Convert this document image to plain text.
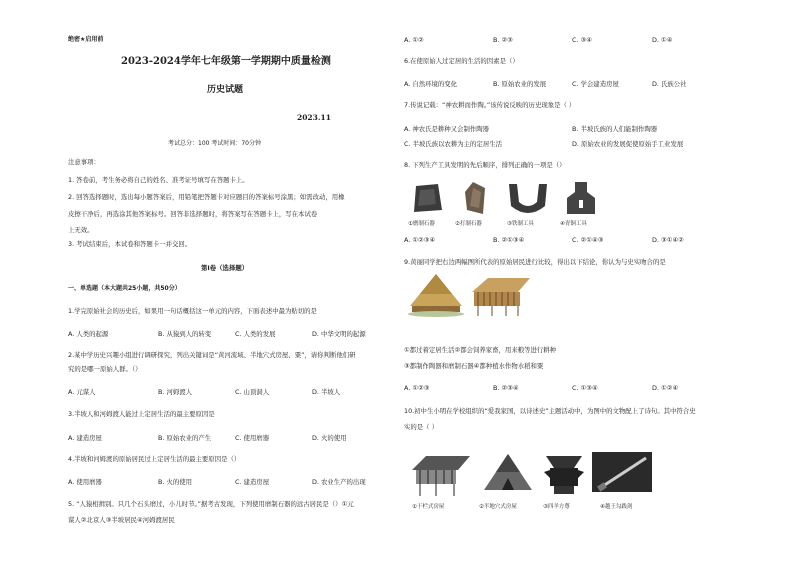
绝密★启用前
2023-2024学年七年级第一学期期中质量检测
历史试题
2023.11
考试总分：100 考试时间：70分钟
注意事项：
1. 答卷前，考生务必将自己的姓名、准考证号填写在答题卡上。
2. 回答选择题时，选出每小题答案后，用铅笔把答题卡对应题目的答案标号涂黑；如需改动，用橡
皮擦干净后，再选涂其他答案标号。回答非选择题时，将答案写在答题卡上，写在本试卷
上无效。
3. 考试结束后，本试卷和答题卡一并交回。
第Ⅰ卷（选择题）
一、单选题（本大题共25小题，共50分）
1.学完原始社会的历史后，如果用一句话概括这一单元的内容，下面表述中最为贴切的是
A. 人类的起源	B. 从猿到人的转变	C. 人类的发展	D. 中华文明的起源
2.某中学历史兴趣小组进行调研探究，列出关键词是“黄河流域、半地穴式房屋、粟”，请你判断他们研
究的是哪一原始人群。（）
A. 元谋人	B. 河姆渡人	C. 山顶洞人	D. 半坡人
3.半坡人和河姆渡人能过上定居生活的最主要原因是
A. 建造房屋	B. 原始农业的产生	C. 使用磨器	D. 火的使用
4.半坡和河姆渡的原始居民过上定居生活的最主要原因是（）
A. 使用磨器	B. 火的使用	C. 建造房屋	D. 农业生产的出现
5. “人猿相揖别。只几个石头磨过，小儿时节。”据考古发现，下列使用磨制石器的远古居民是（）①元
谋人②北京人③半坡居民④河姆渡居民
A. ①②	B. ②③	C. ③④	D. ①④
6.在使原始人过定居的生活的因素是（）
A. 自然环境的变化	B. 原始农业的发展	C. 学会建造房屋	D. 氏族公社
7.传说记载：“神农耕而作陶。”该传说反映的历史现象是（ ）
A. 神农氏是耕种又会制作陶器	B. 半坡氏族的人们能制作陶器
C. 半坡氏族以农耕为主的定居生活	D. 原始农业的发展促使原始手工业发展
8. 下列生产工具发明的先后顺序，排列正确的一项是（）
①磨制石器	②打制石器	③铁制工具	④青铜工具
A. ①②③④	B. ②①③④	C. ②①④③	D. ③①④②
9.黄丽同学把右边两幅图所代表的原始居民进行比较，得出以下结论，你认为与史实吻合的是
①都过着定居生活②都会饲养家畜，用来粮等进行耕种
③都制作陶器和磨制石器④都种植水作物水稻和粟
A. ①②③	B. ②③④	C. ①③④	D. ①②④
10.初中生小明在学校组织的“爱我家国，以诗述史”主题活动中，为图中的文物配上了诗句。其中符合史
实的是（ ）
①干栏式房屋	②半地穴式房屋	③四羊方尊	④越王勾践剑
